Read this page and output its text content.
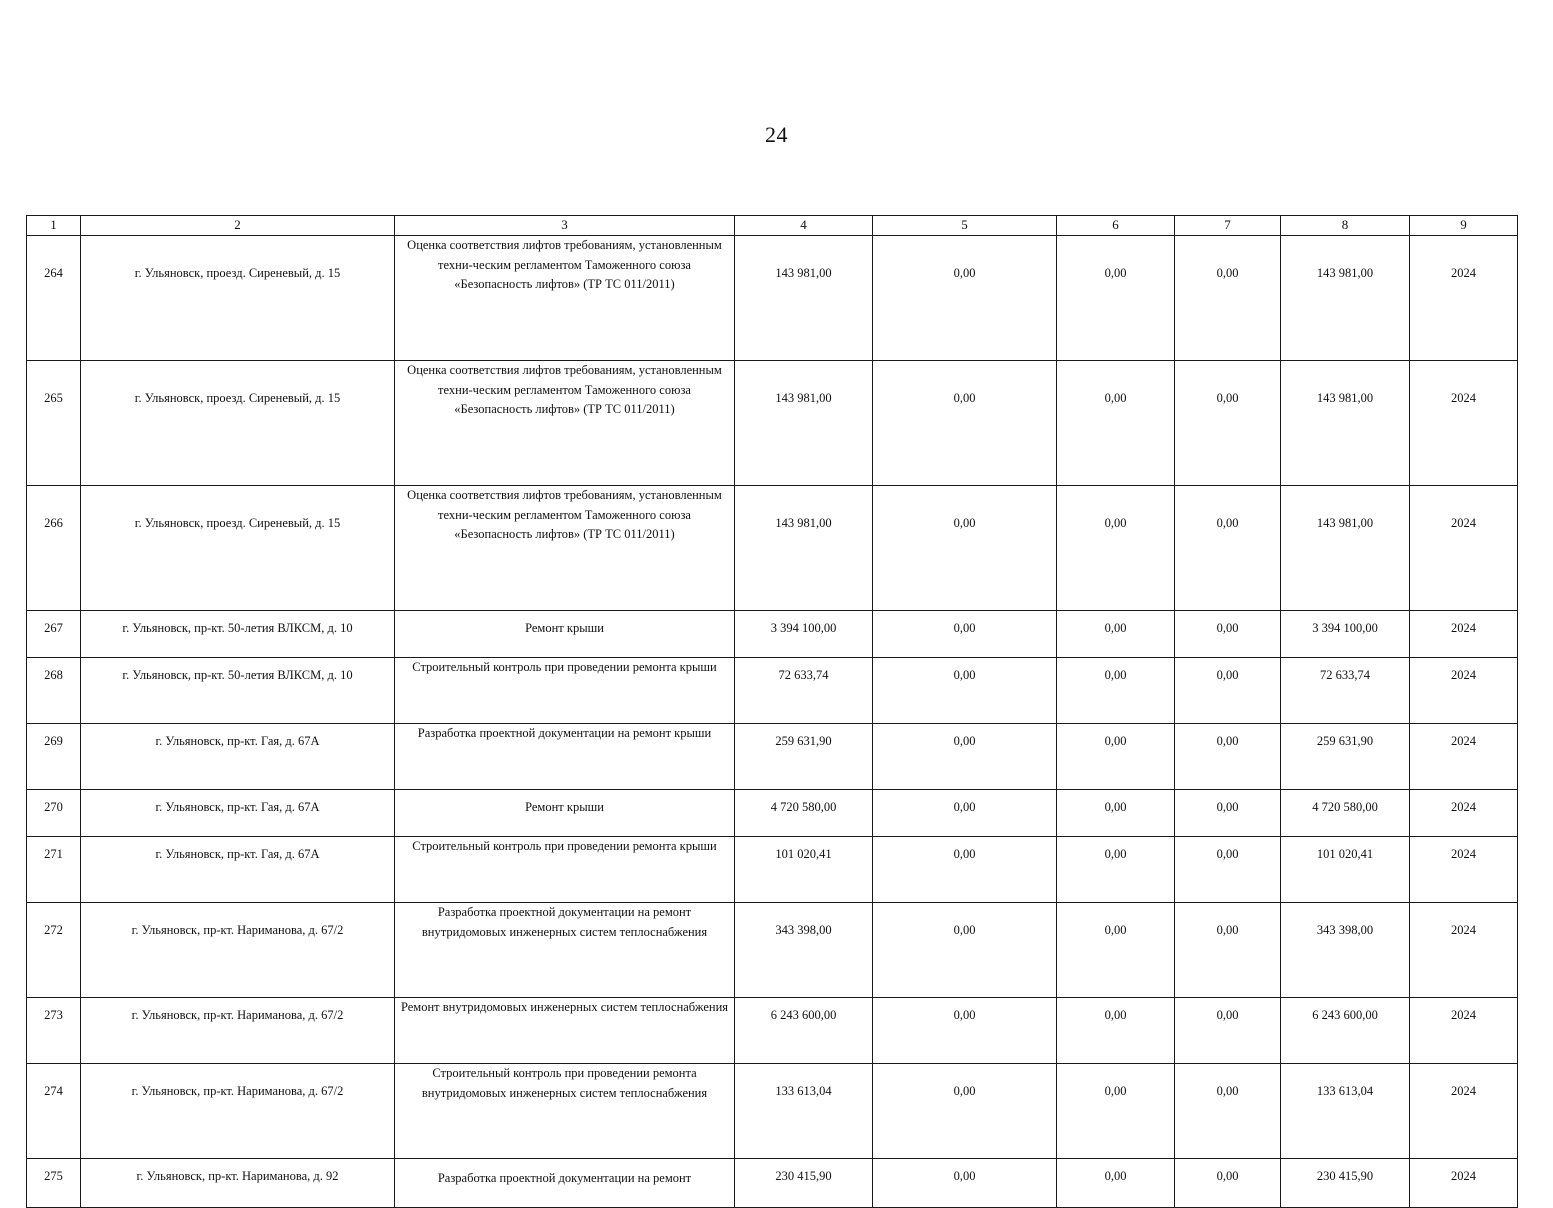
24
1	2	3	4	5	6	7	8	9
264	г. Ульяновск, проезд. Сиреневый, д. 15	Оценка соответствия лифтов требованиям, установленным техни-ческим регламентом Таможенного союза «Безопасность лифтов» (ТР ТС 011/2011)	143 981,00	0,00	0,00	0,00	143 981,00	2024
265	г. Ульяновск, проезд. Сиреневый, д. 15	Оценка соответствия лифтов требованиям, установленным техни-ческим регламентом Таможенного союза «Безопасность лифтов» (ТР ТС 011/2011)	143 981,00	0,00	0,00	0,00	143 981,00	2024
266	г. Ульяновск, проезд. Сиреневый, д. 15	Оценка соответствия лифтов требованиям, установленным техни-ческим регламентом Таможенного союза «Безопасность лифтов» (ТР ТС 011/2011)	143 981,00	0,00	0,00	0,00	143 981,00	2024
267	г. Ульяновск, пр-кт. 50-летия ВЛКСМ, д. 10	Ремонт крыши	3 394 100,00	0,00	0,00	0,00	3 394 100,00	2024
268	г. Ульяновск, пр-кт. 50-летия ВЛКСМ, д. 10	Строительный контроль при проведении ремонта крыши	72 633,74	0,00	0,00	0,00	72 633,74	2024
269	г. Ульяновск, пр-кт. Гая, д. 67А	Разработка проектной документации на ремонт крыши	259 631,90	0,00	0,00	0,00	259 631,90	2024
270	г. Ульяновск, пр-кт. Гая, д. 67А	Ремонт крыши	4 720 580,00	0,00	0,00	0,00	4 720 580,00	2024
271	г. Ульяновск, пр-кт. Гая, д. 67А	Строительный контроль при проведении ремонта крыши	101 020,41	0,00	0,00	0,00	101 020,41	2024
272	г. Ульяновск, пр-кт. Нариманова, д. 67/2	Разработка проектной документации на ремонт внутридомовых инженерных систем теплоснабжения	343 398,00	0,00	0,00	0,00	343 398,00	2024
273	г. Ульяновск, пр-кт. Нариманова, д. 67/2	Ремонт внутридомовых инженерных систем теплоснабжения	6 243 600,00	0,00	0,00	0,00	6 243 600,00	2024
274	г. Ульяновск, пр-кт. Нариманова, д. 67/2	Строительный контроль при проведении ремонта внутридомовых инженерных систем теплоснабжения	133 613,04	0,00	0,00	0,00	133 613,04	2024
275	г. Ульяновск, пр-кт. Нариманова, д. 92	Разработка проектной документации на ремонт	230 415,90	0,00	0,00	0,00	230 415,90	2024
